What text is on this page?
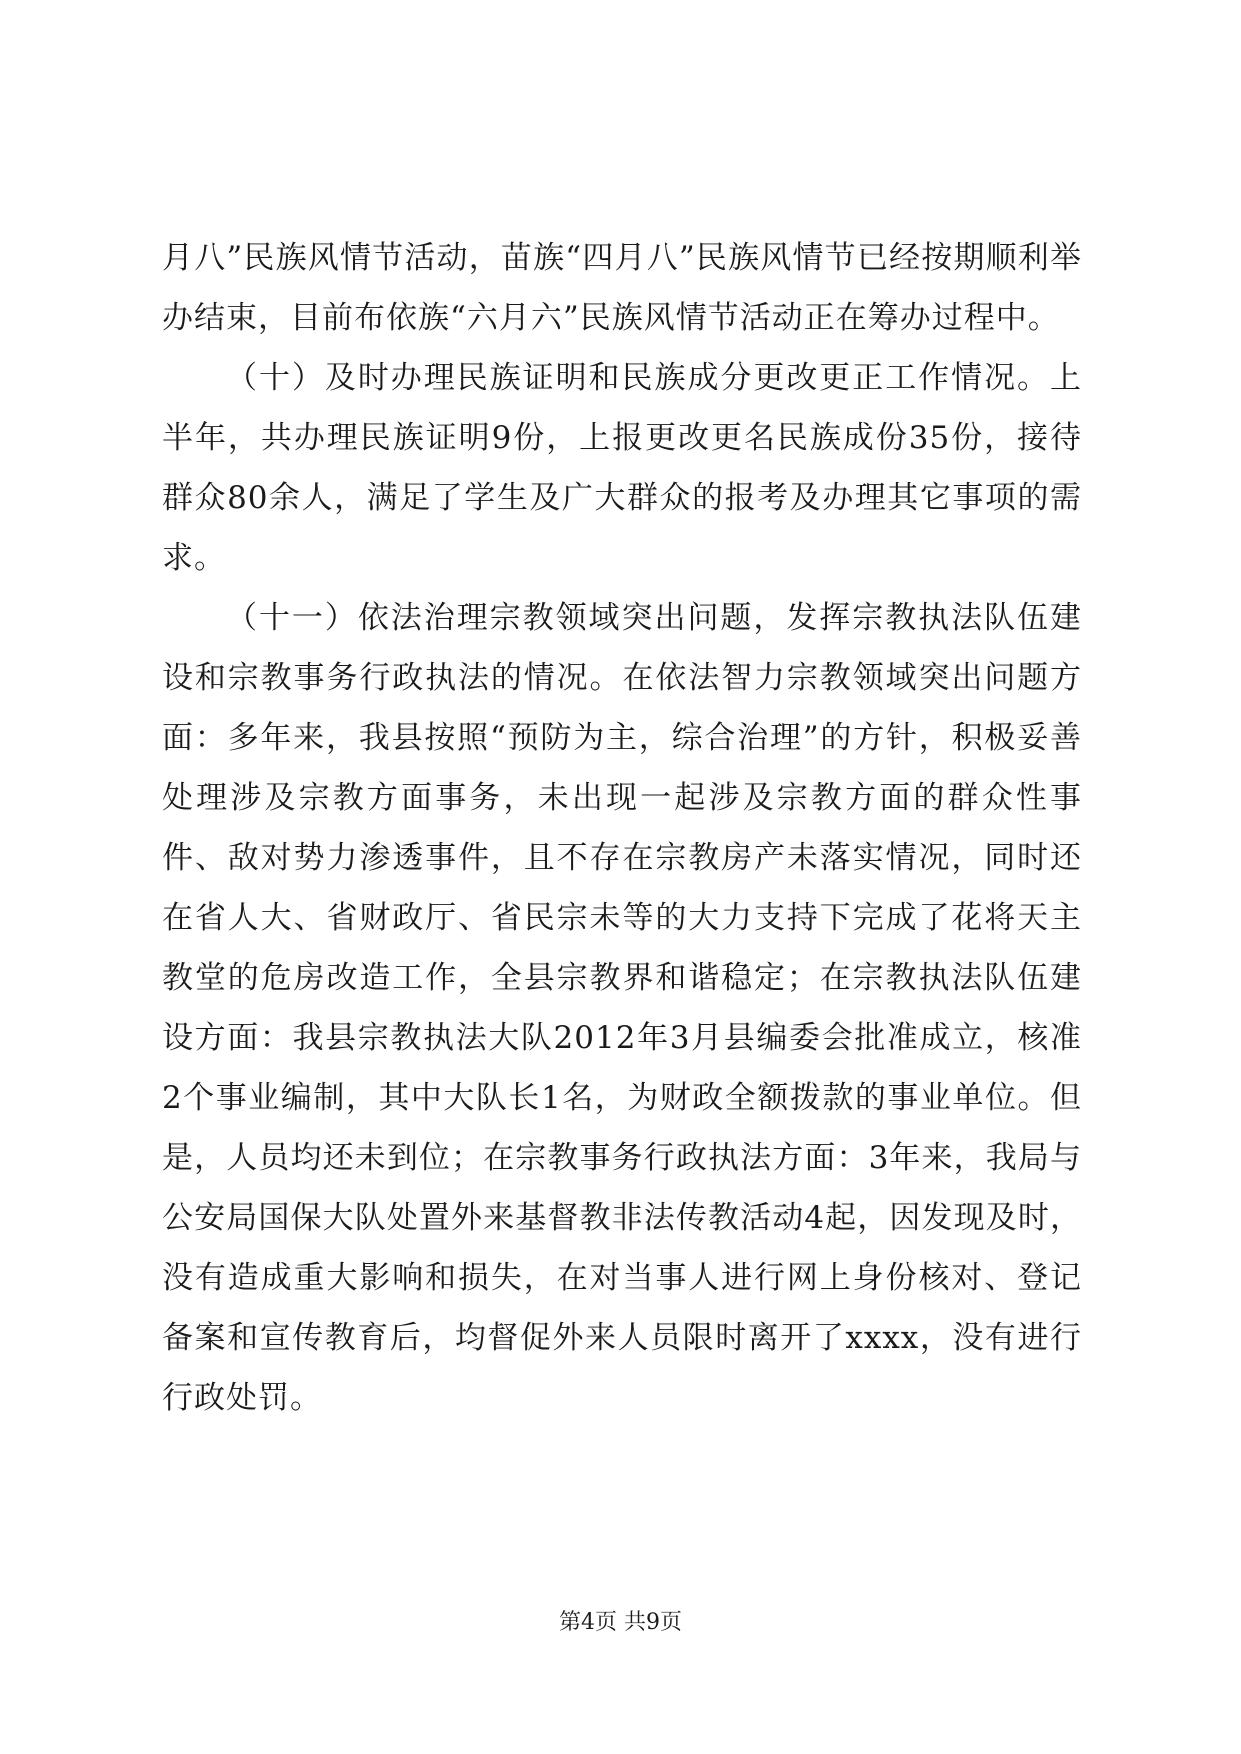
月八”民族风情节活动，苗族“四月八”民族风情节已经按期顺利举办结束，目前布依族“六月六”民族风情节活动正在筹办过程中。

（十）及时办理民族证明和民族成分更改更正工作情况。上半年，共办理民族证明9份，上报更改更名民族成份35份，接待群众80余人，满足了学生及广大群众的报考及办理其它事项的需求。

（十一）依法治理宗教领域突出问题，发挥宗教执法队伍建设和宗教事务行政执法的情况。在依法智力宗教领域突出问题方面：多年来，我县按照“预防为主，综合治理”的方针，积极妥善处理涉及宗教方面事务，未出现一起涉及宗教方面的群众性事件、敌对势力渗透事件，且不存在宗教房产未落实情况，同时还在省人大、省财政厅、省民宗未等的大力支持下完成了花将天主教堂的危房改造工作，全县宗教界和谐稳定；在宗教执法队伍建设方面：我县宗教执法大队2012年3月县编委会批准成立，核准2个事业编制，其中大队长1名，为财政全额拨款的事业单位。但是，人员均还未到位；在宗教事务行政执法方面：3年来，我局与公安局国保大队处置外来基督教非法传教活动4起，因发现及时，没有造成重大影响和损失，在对当事人进行网上身份核对、登记备案和宣传教育后，均督促外来人员限时离开了xxxx，没有进行行政处罚。

第4页 共9页
